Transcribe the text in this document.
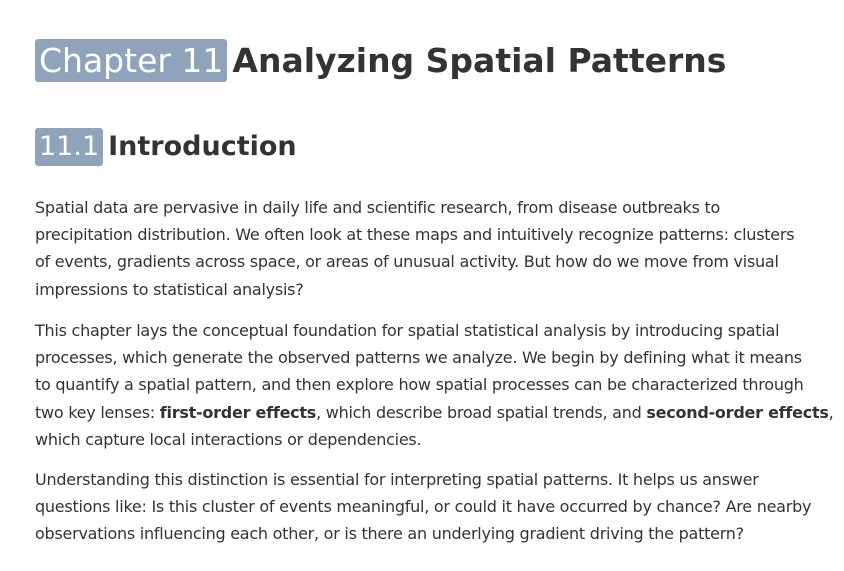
Chapter 11 Analyzing Spatial Patterns
11.1 Introduction

Spatial data are pervasive in daily life and scientific research, from disease outbreaks to
precipitation distribution. We often look at these maps and intuitively recognize patterns: clusters
of events, gradients across space, or areas of unusual activity. But how do we move from visual
impressions to statistical analysis?

This chapter lays the conceptual foundation for spatial statistical analysis by introducing spatial
processes, which generate the observed patterns we analyze. We begin by defining what it means
to quantify a spatial pattern, and then explore how spatial processes can be characterized through
two key lenses: first-order effects, which describe broad spatial trends, and second-order effects,
which capture local interactions or dependencies.

Understanding this distinction is essential for interpreting spatial patterns. It helps us answer
questions like: Is this cluster of events meaningful, or could it have occurred by chance? Are nearby
observations influencing each other, or is there an underlying gradient driving the pattern?
